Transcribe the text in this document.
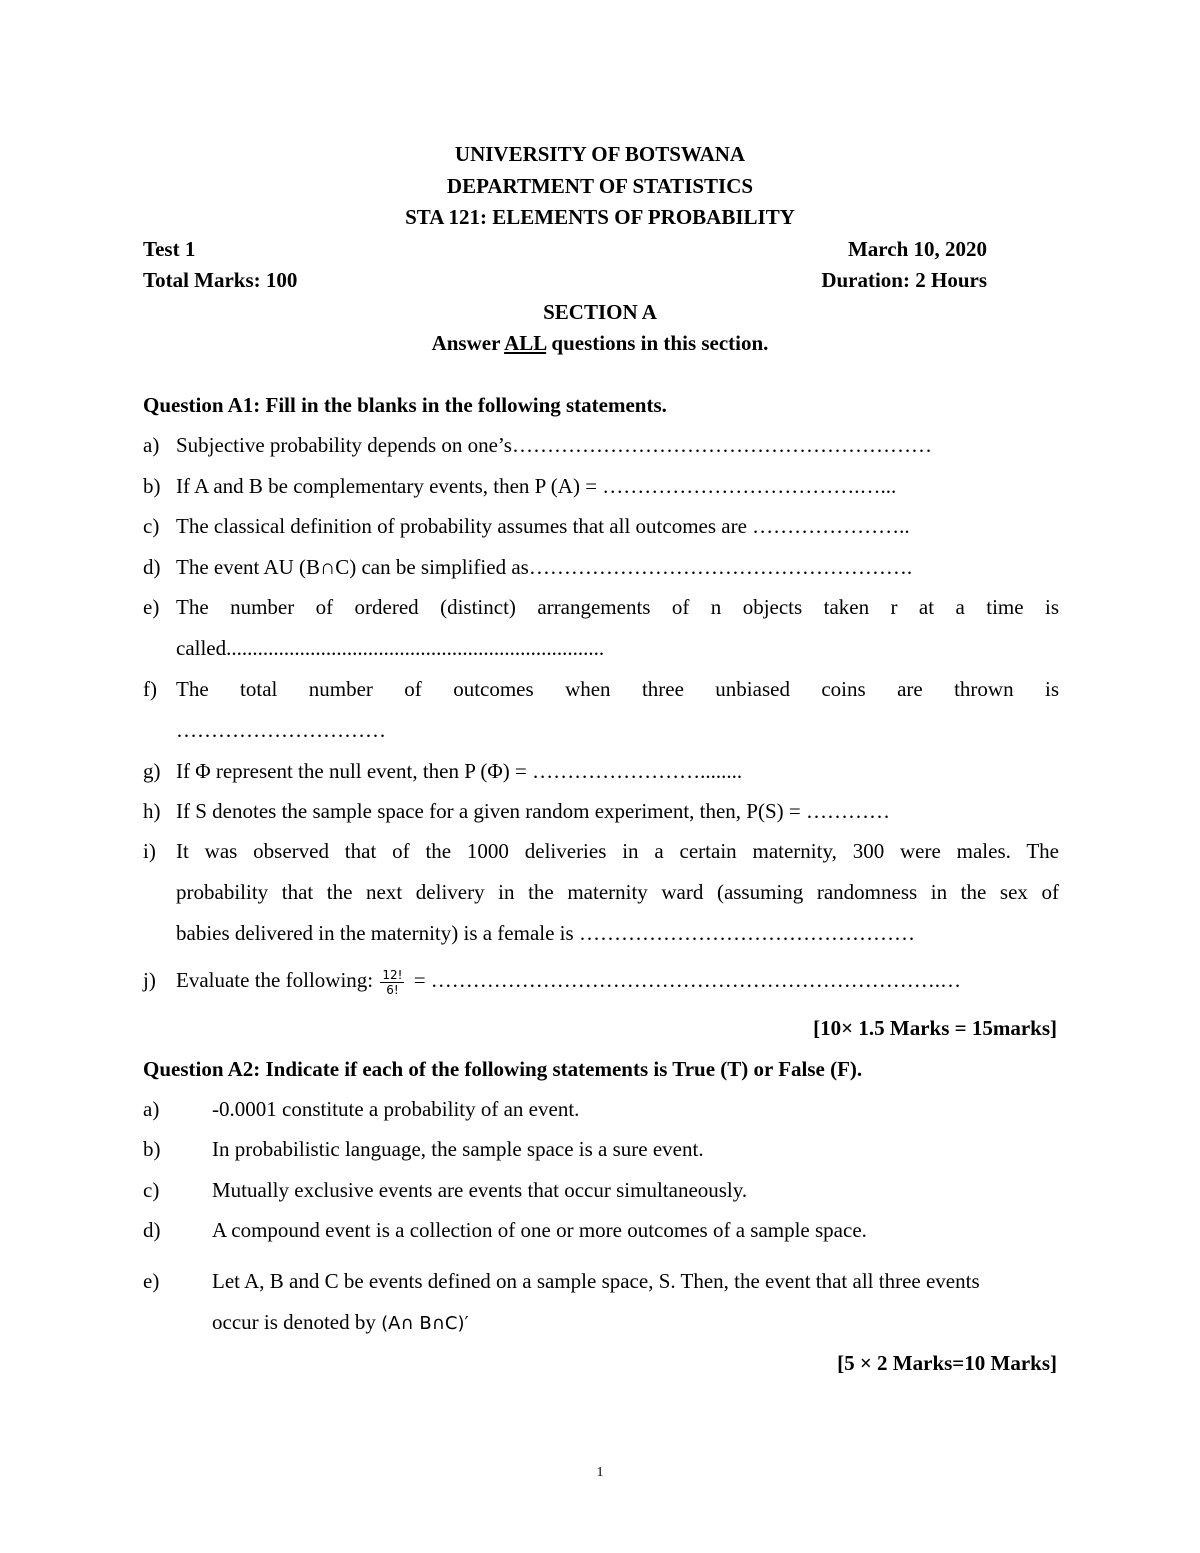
UNIVERSITY OF BOTSWANA
DEPARTMENT OF STATISTICS
STA 121: ELEMENTS OF PROBABILITY
Test 1	March 10, 2020
Total Marks: 100	Duration: 2 Hours
SECTION A
Answer ALL questions in this section.
Question A1: Fill in the blanks in the following statements.
a) Subjective probability depends on one’s……………………………………………………
b) If A and B be complementary events, then P (A) = ……………………………….…...
c) The classical definition of probability assumes that all outcomes are …………………..
d) The event AU (B∩C) can be simplified as……………………………………………….
e) The number of ordered (distinct) arrangements of n objects taken r at a time is
called........................................................................
f) The total number of outcomes when three unbiased coins are thrown is
…………………………
g) If Φ represent the null event, then P (Φ) = ……………………........
h) If S denotes the sample space for a given random experiment, then, P(S) = …………
i) It was observed that of the 1000 deliveries in a certain maternity, 300 were males. The
probability that the next delivery in the maternity ward (assuming randomness in the sex of
babies delivered in the maternity) is a female is …………………………………………
j) Evaluate the following: $\frac{12!}{6!}$ = ……………………………………………………………….…
[10× 1.5 Marks = 15marks]
Question A2: Indicate if each of the following statements is True (T) or False (F).
a)	-0.0001 constitute a probability of an event.
b)	In probabilistic language, the sample space is a sure event.
c)	Mutually exclusive events are events that occur simultaneously.
d)	A compound event is a collection of one or more outcomes of a sample space.
e)	Let A, B and C be events defined on a sample space, S. Then, the event that all three events
occur is denoted by (A∩ B∩C)′
[5 × 2 Marks=10 Marks]
1
